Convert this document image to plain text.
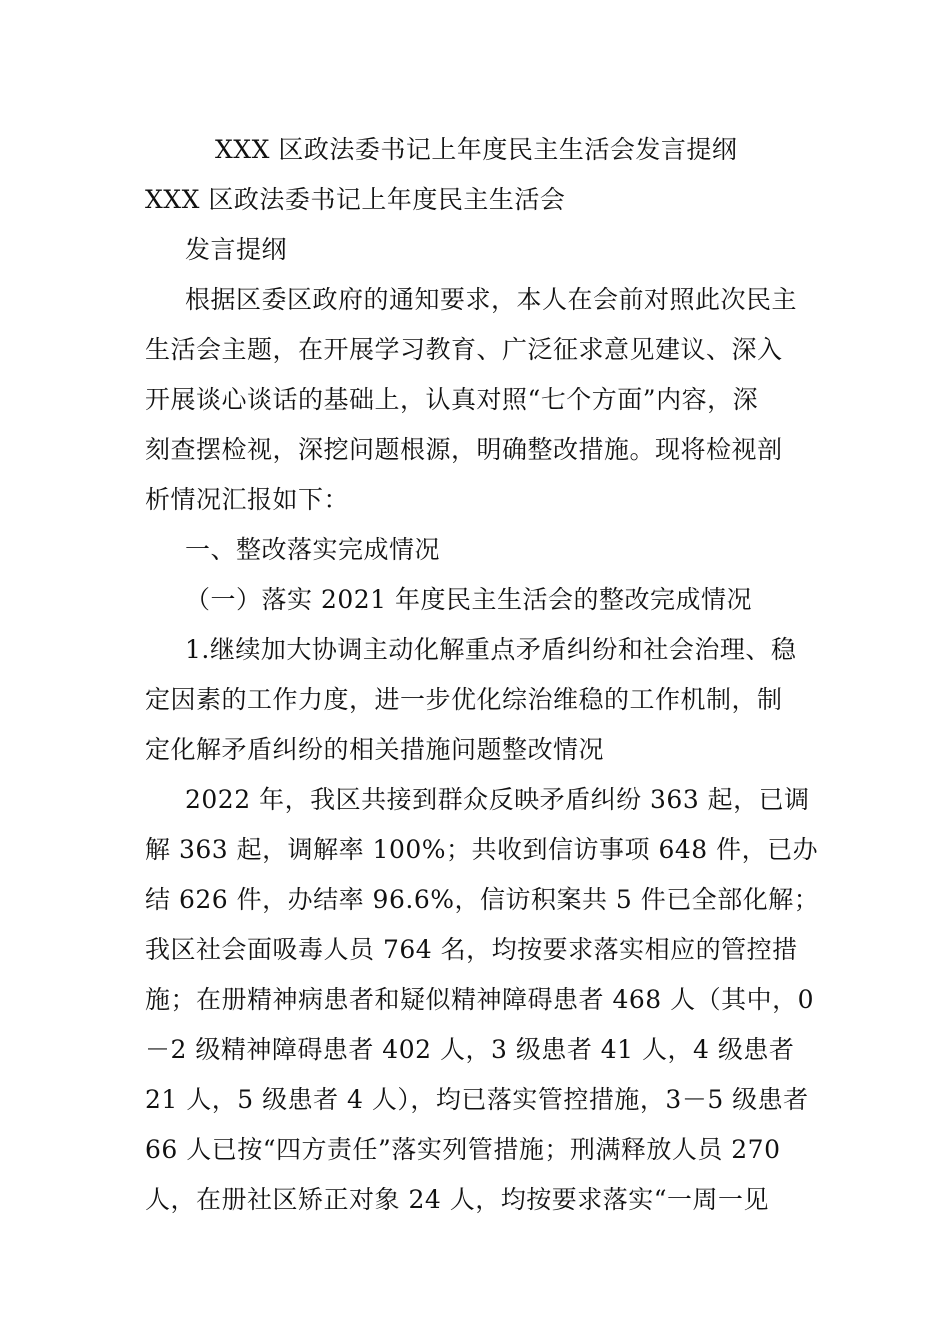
XXX 区政法委书记上年度民主生活会发言提纲
XXX 区政法委书记上年度民主生活会
发言提纲
根据区委区政府的通知要求，本人在会前对照此次民主
生活会主题，在开展学习教育、广泛征求意见建议、深入
开展谈心谈话的基础上，认真对照“七个方面”内容，深
刻查摆检视，深挖问题根源，明确整改措施。现将检视剖
析情况汇报如下：
一、整改落实完成情况
（一）落实 2021 年度民主生活会的整改完成情况
1.继续加大协调主动化解重点矛盾纠纷和社会治理、稳
定因素的工作力度，进一步优化综治维稳的工作机制，制
定化解矛盾纠纷的相关措施问题整改情况
2022 年，我区共接到群众反映矛盾纠纷 363 起，已调
解 363 起，调解率 100%；共收到信访事项 648 件，已办
结 626 件，办结率 96.6%，信访积案共 5 件已全部化解；
我区社会面吸毒人员 764 名，均按要求落实相应的管控措
施；在册精神病患者和疑似精神障碍患者 468 人（其中，0
－2 级精神障碍患者 402 人，3 级患者 41 人，4 级患者
21 人，5 级患者 4 人），均已落实管控措施，3－5 级患者
66 人已按“四方责任”落实列管措施；刑满释放人员 270
人，在册社区矫正对象 24 人，均按要求落实“一周一见
